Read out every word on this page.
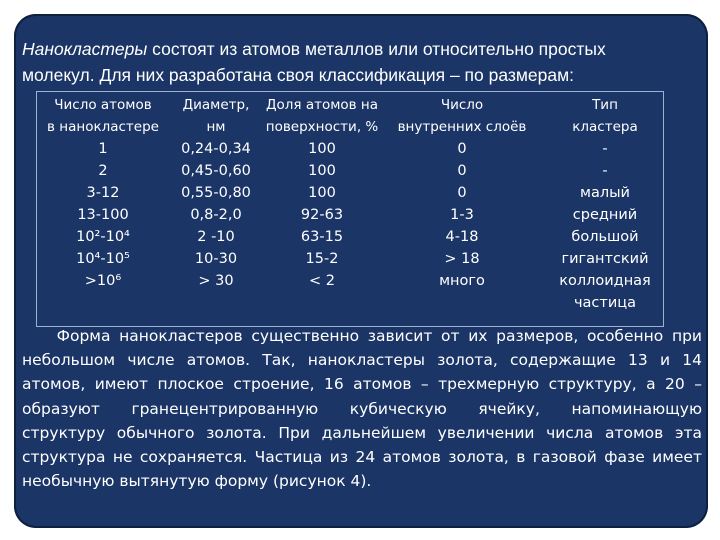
Нанокластеры состоят из атомов металлов или относительно простых
молекул. Для них разработана своя классификация – по размерам:
Число атомов
в нанокластере
1
2
3-12
13-100
10²-10⁴
10⁴-10⁵
>10⁶
Диаметр,
нм
0,24-0,34
0,45-0,60
0,55-0,80
0,8-2,0
2 -10
10-30
> 30
Доля атомов на
поверхности, %
100
100
100
92-63
63-15
15-2
< 2
Число
внутренних слоёв
0
0
0
1-3
4-18
> 18
много
Тип
кластера
-
-
малый
средний
большой
гигантский
коллоидная
частица
Форма нанокластеров существенно зависит от их размеров, особенно при
небольшом числе атомов. Так, нанокластеры золота, содержащие 13 и 14
атомов, имеют плоское строение, 16 атомов – трехмерную структуру, а 20 –
образуют гранецентрированную кубическую ячейку, напоминающую
структуру обычного золота. При дальнейшем увеличении числа атомов эта
структура не сохраняется. Частица из 24 атомов золота, в газовой фазе имеет
необычную вытянутую форму (рисунок 4).
